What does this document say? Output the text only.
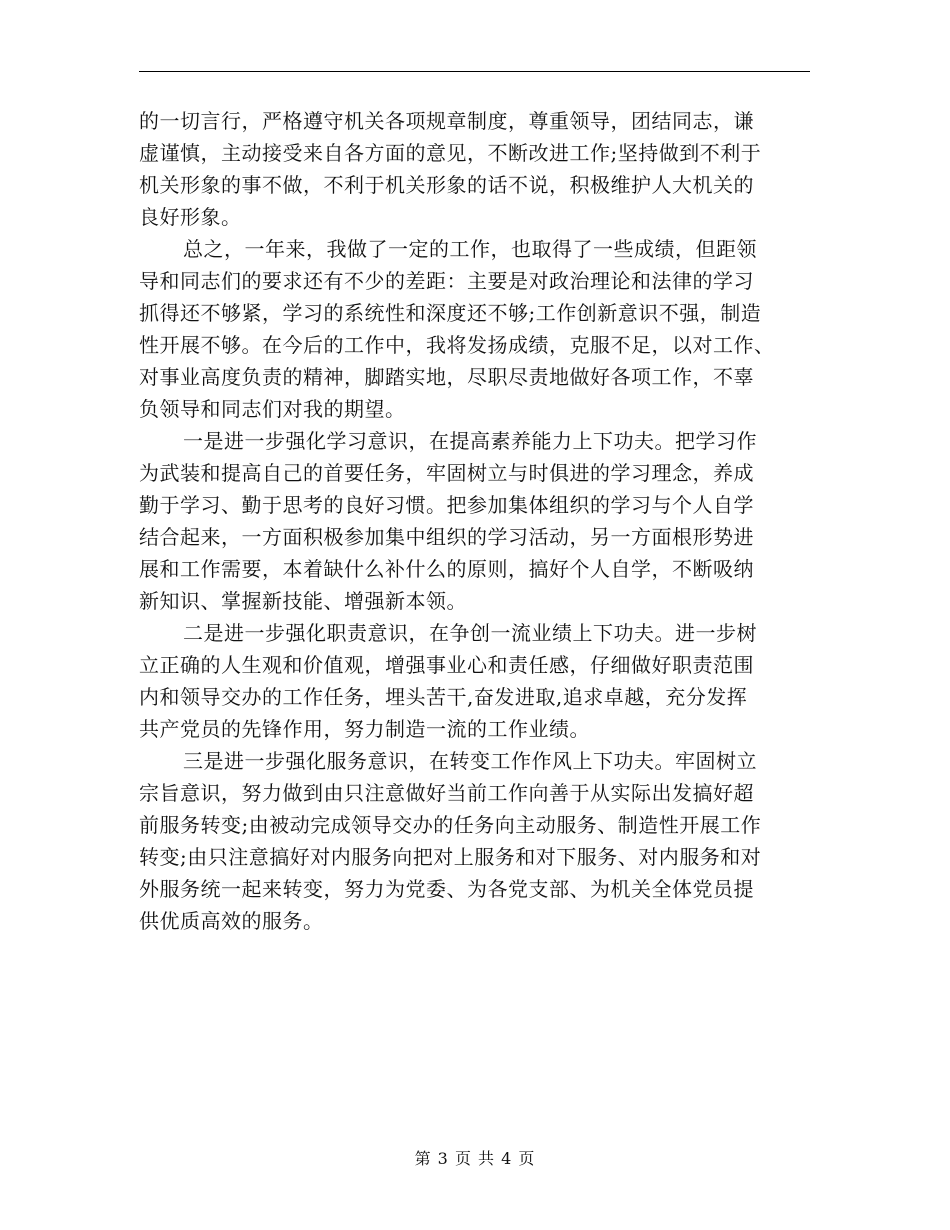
的一切言行，严格遵守机关各项规章制度，尊重领导，团结同志，谦
虚谨慎，主动接受来自各方面的意见，不断改进工作;坚持做到不利于
机关形象的事不做，不利于机关形象的话不说，积极维护人大机关的
良好形象。
总之，一年来，我做了一定的工作，也取得了一些成绩，但距领
导和同志们的要求还有不少的差距：主要是对政治理论和法律的学习
抓得还不够紧，学习的系统性和深度还不够;工作创新意识不强，制造
性开展不够。在今后的工作中，我将发扬成绩，克服不足，以对工作、
对事业高度负责的精神，脚踏实地，尽职尽责地做好各项工作，不辜
负领导和同志们对我的期望。
一是进一步强化学习意识，在提高素养能力上下功夫。把学习作
为武装和提高自己的首要任务，牢固树立与时俱进的学习理念，养成
勤于学习、勤于思考的良好习惯。把参加集体组织的学习与个人自学
结合起来，一方面积极参加集中组织的学习活动，另一方面根形势进
展和工作需要，本着缺什么补什么的原则，搞好个人自学，不断吸纳
新知识、掌握新技能、增强新本领。
二是进一步强化职责意识，在争创一流业绩上下功夫。进一步树
立正确的人生观和价值观，增强事业心和责任感，仔细做好职责范围
内和领导交办的工作任务，埋头苦干,奋发进取,追求卓越，充分发挥
共产党员的先锋作用，努力制造一流的工作业绩。
三是进一步强化服务意识，在转变工作作风上下功夫。牢固树立
宗旨意识，努力做到由只注意做好当前工作向善于从实际出发搞好超
前服务转变;由被动完成领导交办的任务向主动服务、制造性开展工作
转变;由只注意搞好对内服务向把对上服务和对下服务、对内服务和对
外服务统一起来转变，努力为党委、为各党支部、为机关全体党员提
供优质高效的服务。
第 3 页 共 4 页
